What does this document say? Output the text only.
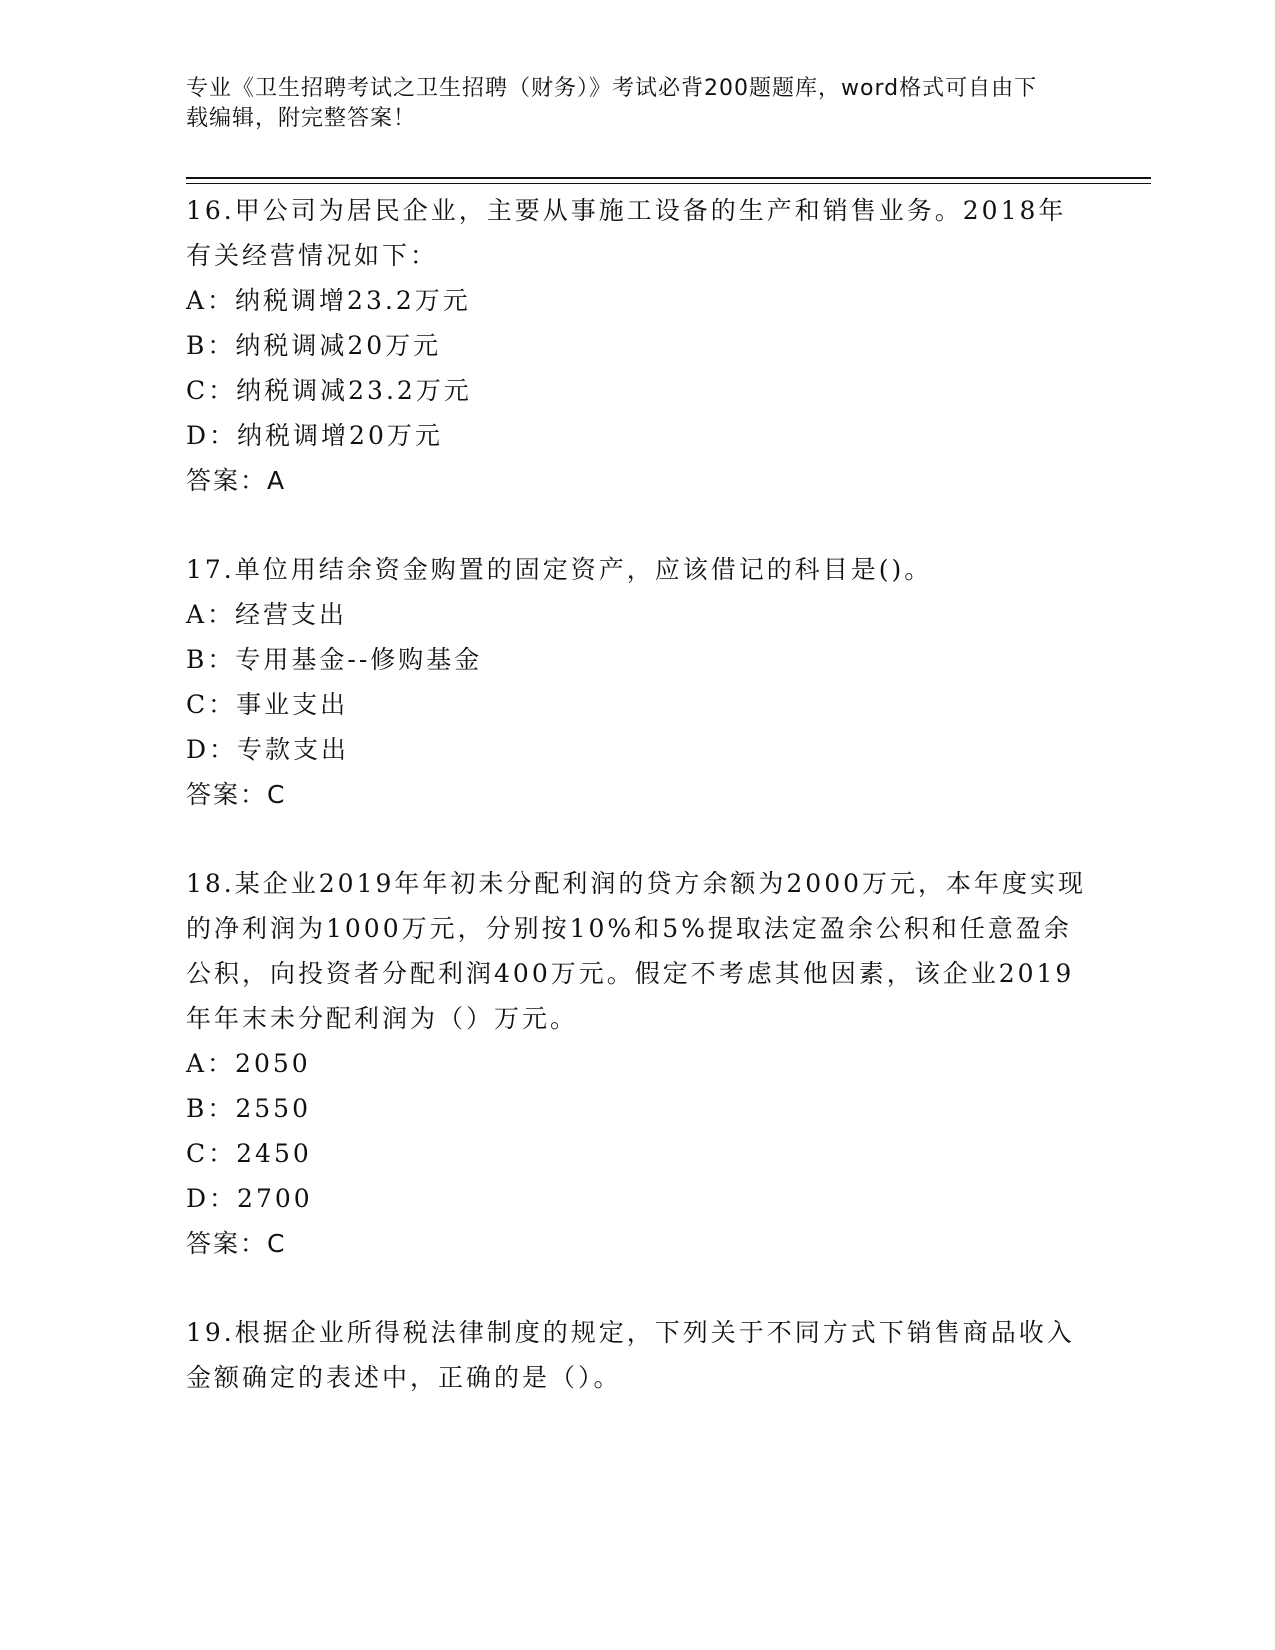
专业《卫生招聘考试之卫生招聘（财务）》考试必背200题题库，word格式可自由下载编辑，附完整答案！

16.甲公司为居民企业，主要从事施工设备的生产和销售业务。2018年有关经营情况如下：

A：纳税调增23.2万元

B：纳税调减20万元

C：纳税调减23.2万元

D：纳税调增20万元

答案：A

17.单位用结余资金购置的固定资产，应该借记的科目是()。

A：经营支出

B：专用基金--修购基金

C：事业支出

D：专款支出

答案：C

18.某企业2019年年初未分配利润的贷方余额为2000万元，本年度实现的净利润为1000万元，分别按10%和5%提取法定盈余公积和任意盈余公积，向投资者分配利润400万元。假定不考虑其他因素，该企业2019年年末未分配利润为（）万元。

A：2050

B：2550

C：2450

D：2700

答案：C

19.根据企业所得税法律制度的规定，下列关于不同方式下销售商品收入金额确定的表述中，正确的是（）。
